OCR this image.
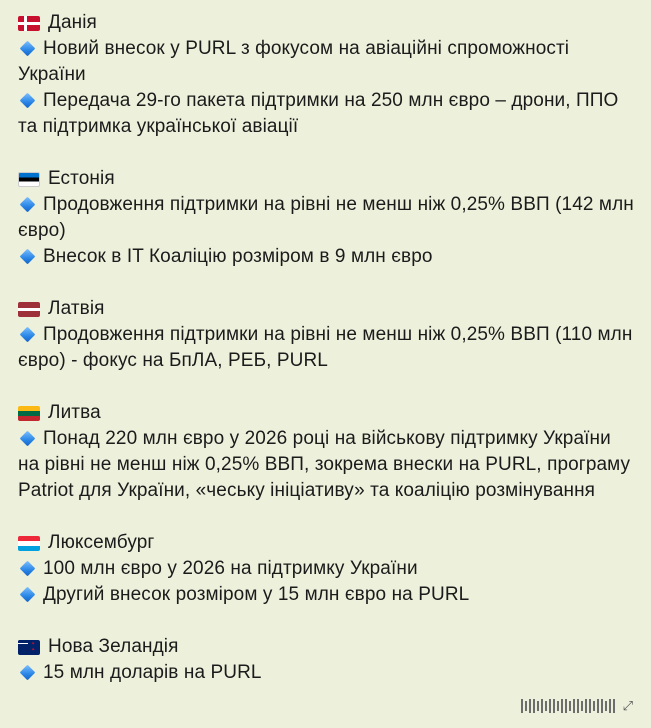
Данія
Новий внесок у PURL з фокусом на авіаційні спроможності України
Передача 29-го пакета підтримки на 250 млн євро – дрони, ППО та підтримка української авіації
Естонія
Продовження підтримки на рівні не менш ніж 0,25% ВВП (142 млн євро)
Внесок в IT Коаліцію розміром в 9 млн євро
Латвія
Продовження підтримки на рівні не менш ніж 0,25% ВВП (110 млн євро) - фокус на БпЛА, РЕБ, PURL
Литва
Понад 220 млн євро у 2026 році на військову підтримку України на рівні не менш ніж 0,25% ВВП, зокрема внески на PURL, програму Patriot для України, «чеську ініціативу» та коаліцію розмінування
Люксембург
100 млн євро у 2026 на підтримку України
Другий внесок розміром у 15 млн євро на PURL
✦ ✦
Нова Зеландія
15 млн доларів на PURL
⤢
